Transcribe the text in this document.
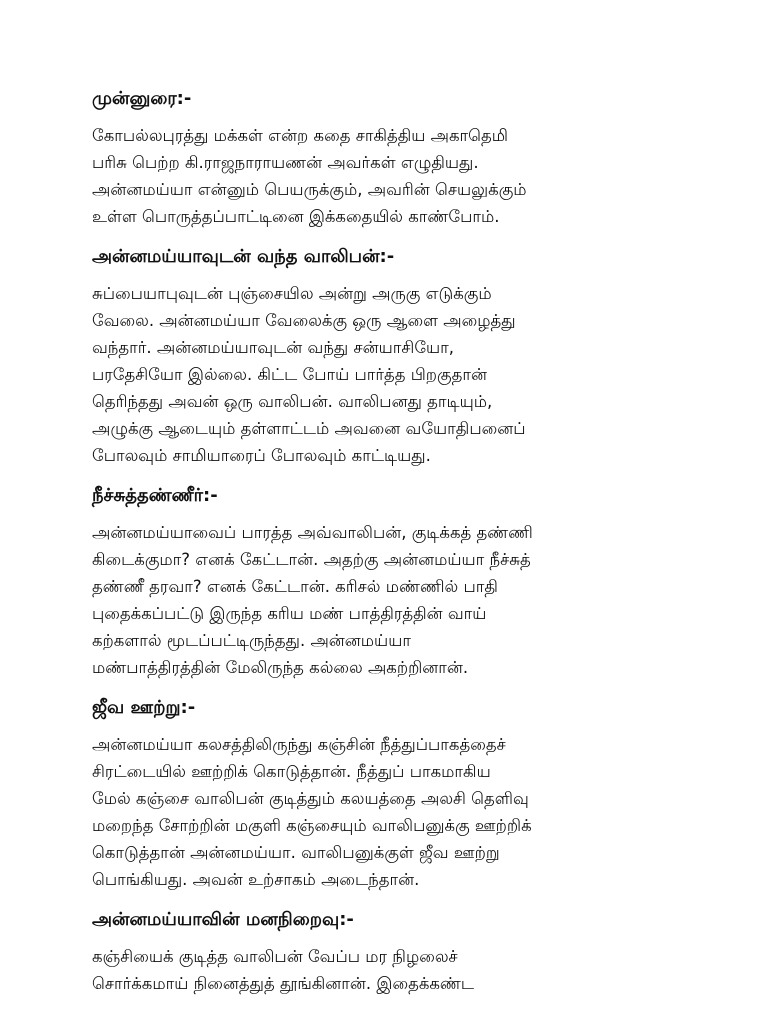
முன்னுரை:-
கோபல்லபுரத்து மக்கள் என்ற கதை சாகித்திய அகாதெமி
பரிசு பெற்ற கி.ராஜநாராயணன் அவர்கள் எழுதியது.
அன்னமய்யா என்னும் பெயருக்கும், அவரின் செயலுக்கும்
உள்ள பொருத்தப்பாட்டினை இக்கதையில் காண்போம்.
அன்னமய்யாவுடன் வந்த வாலிபன்:-
சுப்பையாபுவுடன் புஞ்சையில அன்று அருகு எடுக்கும்
வேலை. அன்னமய்யா வேலைக்கு ஒரு ஆளை அழைத்து
வந்தார். அன்னமய்யாவுடன் வந்து சன்யாசியோ,
பரதேசியோ இல்லை. கிட்ட போய் பார்த்த பிறகுதான்
தெரிந்தது அவன் ஒரு வாலிபன். வாலிபனது தாடியும்,
அழுக்கு ஆடையும் தள்ளாட்டம் அவனை வயோதிபனைப்
போலவும் சாமியாரைப் போலவும் காட்டியது.
நீச்சுத்தண்ணீர்:-
அன்னமய்யாவைப் பாரத்த அவ்வாலிபன், குடிக்கத் தண்ணி
கிடைக்குமா? எனக் கேட்டான். அதற்கு அன்னமய்யா நீச்சுத்
தண்ணீ தரவா? எனக் கேட்டான். கரிசல் மண்ணில் பாதி
புதைக்கப்பட்டு இருந்த கரிய மண் பாத்திரத்தின் வாய்
கற்களால் மூடப்பட்டிருந்தது. அன்னமய்யா
மண்பாத்திரத்தின் மேலிருந்த கல்லை அகற்றினான்.
ஜீவ ஊற்று:-
அன்னமய்யா கலசத்திலிருந்து கஞ்சின் நீத்துப்பாகத்தைச்
சிரட்டையில் ஊற்றிக் கொடுத்தான். நீத்துப் பாகமாகிய
மேல் கஞ்சை வாலிபன் குடித்தும் கலயத்தை அலசி தெளிவு
மறைந்த சோற்றின் மகுளி கஞ்சையும் வாலிபனுக்கு ஊற்றிக்
கொடுத்தான் அன்னமய்யா. வாலிபனுக்குள் ஜீவ ஊற்று
பொங்கியது. அவன் உற்சாகம் அடைந்தான்.
அன்னமய்யாவின் மனநிறைவு:-
கஞ்சியைக் குடித்த வாலிபன் வேப்ப மர நிழலைச்
சொர்க்கமாய் நினைத்துத் தூங்கினான். இதைக்கண்ட
